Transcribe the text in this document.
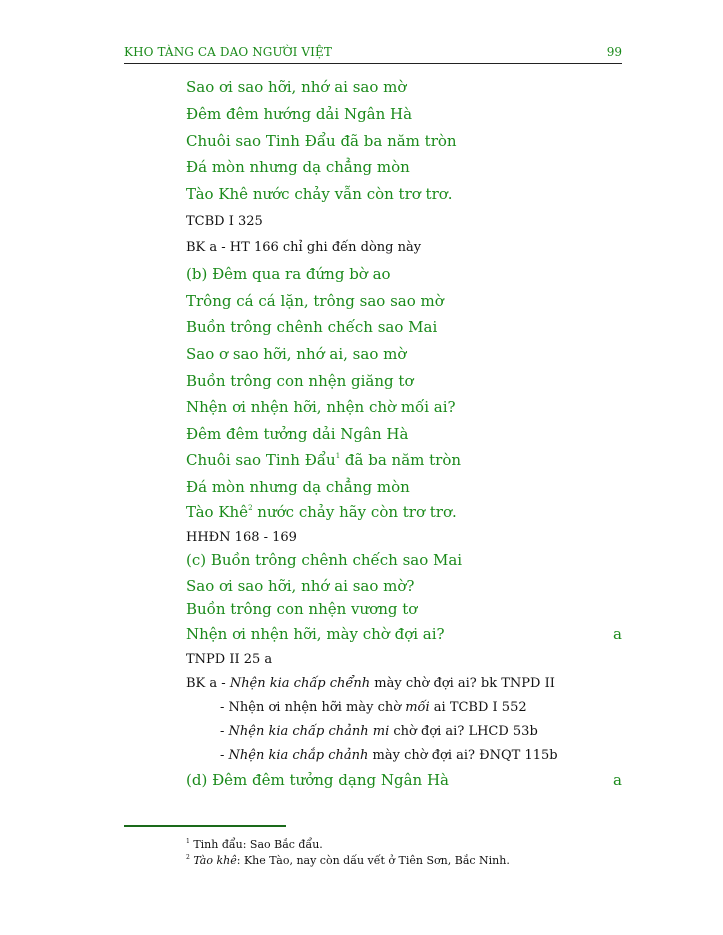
KHO TÀNG CA DAO NGƯỜI VIỆT	99
Sao ơi sao hỡi, nhớ ai sao mờ
Đêm đêm hướng dải Ngân Hà
Chuôi sao Tinh Đẩu đã ba năm tròn
Đá mòn nhưng dạ chẳng mòn
Tào Khê nước chảy vẫn còn trơ trơ.
TCBD I 325
BK a - HT 166 chỉ ghi đến dòng này
(b) Đêm qua ra đứng bờ ao
Trông cá cá lặn, trông sao sao mờ
Buồn trông chênh chếch sao Mai
Sao ơ sao hỡi, nhớ ai, sao mờ
Buồn trông con nhện giăng tơ
Nhện ơi nhện hỡi, nhện chờ mối ai?
Đêm đêm tưởng dải Ngân Hà
Chuôi sao Tinh Đẩu$^1$ đã ba năm tròn
Đá mòn nhưng dạ chẳng mòn
Tào Khê$^2$ nước chảy hãy còn trơ trơ.
HHĐN 168 - 169
(c) Buồn trông chênh chếch sao Mai
Sao ơi sao hỡi, nhớ ai sao mờ?
Buồn trông con nhện vương tơ
Nhện ơi nhện hỡi, mày chờ đợi ai?	a
TNPD II 25 a
BK a - Nhện kia chấp chểnh mày chờ đợi ai? bk TNPD II
- Nhện ơi nhện hỡi mày chờ mối ai TCBD I 552
- Nhện kia chấp chảnh mi chờ đợi ai? LHCD 53b
- Nhện kia chắp chảnh mày chờ đợi ai? ĐNQT 115b
(d) Đêm đêm tưởng dạng Ngân Hà	a
$^1$ Tinh đẩu: Sao Bắc đẩu.
$^2$ Tào khê: Khe Tào, nay còn dấu vết ở Tiên Sơn, Bắc Ninh.
